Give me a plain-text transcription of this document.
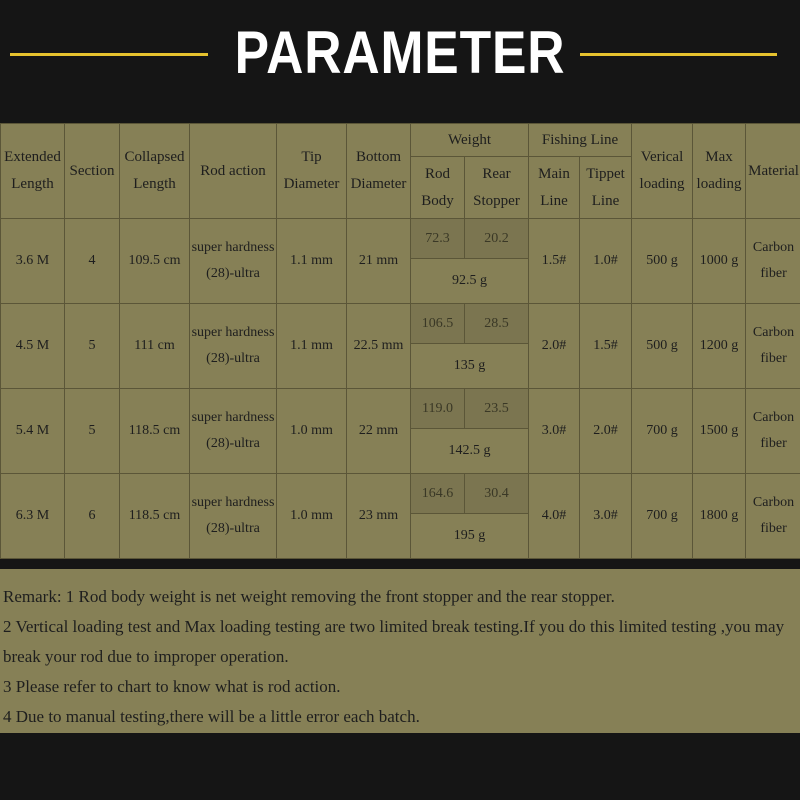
PARAMETER
Extended Length	Section	Collapsed Length	Rod action	Tip Diameter	Bottom Diameter	Weight		Fishing Line		Verical loading	Max loading	Material
						Rod Body	Rear Stopper	Main Line	Tippet Line			
3.6 M	4	109.5 cm	super hardness (28)-ultra	1.1 mm	21 mm	72.3	20.2	1.5#	1.0#	500 g	1000 g	Carbon fiber
						92.5 g						
4.5 M	5	111 cm	super hardness (28)-ultra	1.1 mm	22.5 mm	106.5	28.5	2.0#	1.5#	500 g	1200 g	Carbon fiber
						135 g						
5.4 M	5	118.5 cm	super hardness (28)-ultra	1.0 mm	22 mm	119.0	23.5	3.0#	2.0#	700 g	1500 g	Carbon fiber
						142.5 g						
6.3 M	6	118.5 cm	super hardness (28)-ultra	1.0 mm	23 mm	164.6	30.4	4.0#	3.0#	700 g	1800 g	Carbon fiber
						195 g						
Remark: 1 Rod body weight is net weight removing the front stopper and the rear stopper.
2 Vertical loading test and Max loading testing are two limited break testing.If you do this limited testing ,you may break your rod due to improper operation.
3 Please refer to chart to know what is rod action.
4 Due to manual testing,there will be a little error each batch.
